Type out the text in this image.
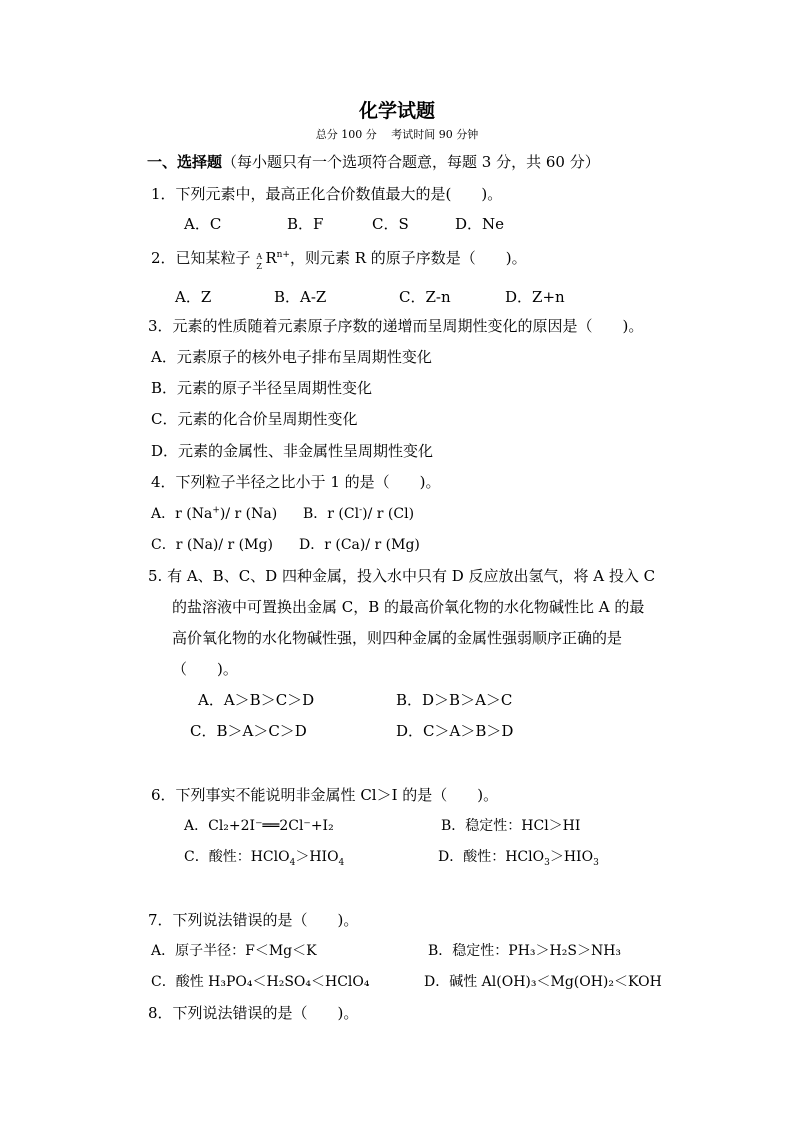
化学试题
总分 100 分　 考试时间 90 分钟
一、选择题（每小题只有一个选项符合题意，每题 3 分，共 60 分）
1．下列元素中，最高正化合价数值最大的是(　　)。
A．C	B．F	C．S	D．Ne
2．已知某粒子 A
Z $R^{n+}$，则元素 R 的原子序数是（　　)。
A．Z	B．A-Z	C．Z-n	D．Z+n
3．元素的性质随着元素原子序数的递增而呈周期性变化的原因是（　　)。
A．元素原子的核外电子排布呈周期性变化
B．元素的原子半径呈周期性变化
C．元素的化合价呈周期性变化
D．元素的金属性、非金属性呈周期性变化
4．下列粒子半径之比小于 1 的是（　　)。
A．r (Na+)/ r (Na) B．r (Cl-)/ r (Cl)
C．r (Na)/ r (Mg) D．r (Ca)/ r (Mg)
5. 有 A、B、C、D 四种金属，投入水中只有 D 反应放出氢气，将 A 投入 C
的盐溶液中可置换出金属 C，B 的最高价氧化物的水化物碱性比 A 的最
高价氧化物的水化物碱性强，则四种金属的金属性强弱顺序正确的是
（　　)。
A．A＞B＞C＞D	B．D＞B＞A＞C
C．B＞A＞C＞D	D．C＞A＞B＞D
6．下列事实不能说明非金属性 Cl＞I 的是（　　)。
A．Cl₂+2I⁻══2Cl⁻+I₂	B．稳定性：HCl＞HI
C．酸性：$HClO_4>HIO_4$	D．酸性：$HClO_3>HIO_3$
7．下列说法错误的是（　　)。
A．原子半径：F＜Mg＜K	B．稳定性：PH₃＞H₂S＞NH₃
C．酸性 H₃PO₄＜H₂SO₄＜HClO₄	D．碱性 Al(OH)₃＜Mg(OH)₂＜KOH
8．下列说法错误的是（　　)。
